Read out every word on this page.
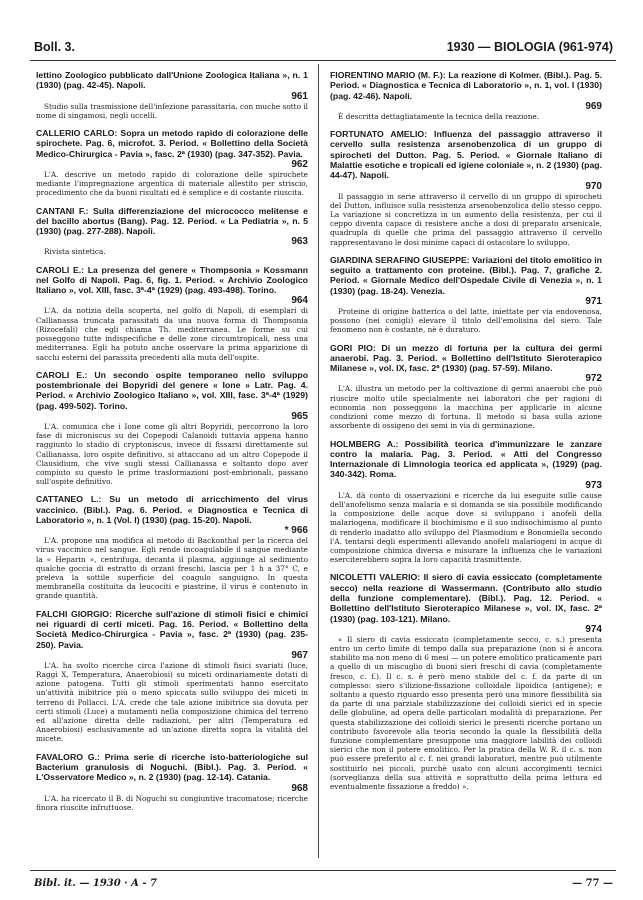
Boll. 3.	1930 — BIOLOGIA (961-974)
lettino Zoologico pubblicato dall'Unione Zoologica Italiana », n. 1 (1930) (pag. 42-45). Napoli.
961
Studio sulla trasmissione dell'infezione parassitaria, con muche sotto il nome di singamosi, negli uccelli.
CALLERIO CARLO: Sopra un metodo rapido di colorazione delle spirochete. Pag. 6, microfot. 3. Period. « Bollettino della Società Medico-Chirurgica - Pavia », fasc. 2ª (1930) (pag. 347-352). Pavia.
962
L'A. descrive un metodo rapido di colorazione delle spirochete mediante l'impregnazione argentica di materiale allestito per striscio, procedimento che da buoni risultati ed è semplice e di costante riuscita.
CANTANI F.: Sulla differenziazione del micrococco melitense e del bacillo abortus (Bang). Pag. 12. Period. « La Pediatria », n. 5 (1930) (pag. 277-288). Napoli.
963
Rivista sintetica.
CAROLI E.: La presenza del genere « Thompsonia » Kossmann nel Golfo di Napoli. Pag. 6, fig. 1. Period. « Archivio Zoologico Italiano », vol. XIII, fasc. 3ª-4ª (1929) (pag. 493-498). Torino.
964
L'A. da notizia della scoperta, nel golfo di Napoli, di esemplari di Callianassa truncata parassitati da una nuova forma di Thompsonia (Rizocefali) che egli chiama Th. mediterranea. Le forme su cui posseggono tutte indispecifiche e delle zone circumtropicali, ness una mediterranea. Egli ha potuto anche osservare la prima apparizione di sacchi esterni del parassita precedenti alla muta dell'ospite.
CAROLI E.: Un secondo ospite temporaneo nello sviluppo postembrionale dei Bopyridi del genere « Ione » Latr. Pag. 4. Period. « Archivio Zoologico Italiano », vol. XIII, fasc. 3ª-4ª (1929) (pag. 499-502). Torino.
965
L'A. comunica che i Ione come gli altri Bopyridi, percorrono la loro fase di microniscus su dei Copepodi Calanoidi tuttavia appena hanno raggiunto lo stadio di cryptoniscus, invece di fissarsi direttamente sul Callianassa, loro ospite definitivo, si attaccano ad un altro Copepode il Clausidium, che vive sugli stessi Callianassa e soltanto dopo aver compiuto su questo le prime trasformazioni post-embrionali, passano sull'ospite definitivo.
CATTANEO L.: Su un metodo di arricchimento del virus vaccinico. (Bibl.). Pag. 6. Period. « Diagnostica e Tecnica di Laboratorio », n. 1 (Vol. I) (1930) (pag. 15-20). Napoli.
* 966
L'A. propone una modifica al metodo di Backonthal per la ricerca del virus vaccinico nel sangue. Egli rende incoagulabile il sangue mediante la « Heparin », centrifuga, decanta il plasma, aggiunge al sedimento qualche goccia di estratto di orzani freschi, lascia per 1 h a 37° C, e preleva la sottile superficie del coagulo sanguigno. In questa membranella costituita da leucociti e piastrine, il virus è contenuto in grande quantità.
FALCHI GIORGIO: Ricerche sull'azione di stimoli fisici e chimici nei riguardi di certi miceti. Pag. 16. Period. « Bollettino della Società Medico-Chirurgica - Pavia », fasc. 2ª (1930) (pag. 235-250). Pavia.
967
L'A. ha svolto ricerche circa l'azione di stimoli fisici svariati (luce, Raggi X, Temperatura, Anaerobiosi) su miceti ordinariamente dotati di azione patogena. Tutti gli stimoli sperimentati hanno esercitato un'attività inibitrice più o meno spiccata sullo sviluppo dei miceti in terreno di Pollacci. L'A. crede che tale azione inibitrice sia dovuta per certi stimoli (Luce) a mutamenti nella composizione chimica del terreno ed all'azione diretta delle radiazioni, per altri (Temperatura ed Anaerobiosi) esclusivamente ad un'azione diretta sopra la vitalità del micete.
FAVALORO G.: Prima serie di ricerche isto-batteriologiche sul Bacterium granulosis di Noguchi. (Bibl.). Pag. 3. Period. « L'Osservatore Medico », n. 2 (1930) (pag. 12-14). Catania.
968
L'A. ha ricercato il B. di Noguchi su congiuntive tracomatose; ricerche finora riuscite infruttuose.
FIORENTINO MARIO (M. F.): La reazione di Kolmer. (Bibl.). Pag. 5. Period. « Diagnostica e Tecnica di Laboratorio », n. 1, vol. I (1930) (pag. 42-46). Napoli.
969
È descritta dettagliatamente la tecnica della reazione.
FORTUNATO AMELIO: Influenza del passaggio attraverso il cervello sulla resistenza arsenobenzolica di un gruppo di spirocheti del Dutton. Pag. 5. Period. « Giornale Italiano di Malattie esotiche e tropicali ed igiene coloniale », n. 2 (1930) (pag. 44-47). Napoli.
970
Il passaggio in serie attraverso il cervello di un gruppo di spirocheti del Dutton, influisce sulla resistenza arsenobenzolica dello stesso ceppo. La variazione si concretizza in un aumento della resistenza, per cui il ceppo diventa capace di resistere anche a dosi di preparato arsenicale, quadrupla di quelle che prima del passaggio attraverso il cervello rappresentavano le dosi minime capaci di ostacolare lo sviluppo.
GIARDINA SERAFINO GIUSEPPE: Variazioni del titolo emolitico in seguito a trattamento con proteine. (Bibl.). Pag. 7, grafiche 2. Period. « Giornale Medico dell'Ospedale Civile di Venezia », n. 1 (1930) (pag. 18-24). Venezia.
971
Proteine di origine batterica o del latte, iniettate per via endovenosa, possono (nei conigli) elevare il titolo dell'emolisina del siero. Tale fenomeno non è costante, nè è duraturo.
GORI PIO: Di un mezzo di fortuna per la cultura dei germi anaerobi. Pag. 3. Period. « Bollettino dell'Istituto Sieroterapico Milanese », vol. IX, fasc. 2ª (1930) (pag. 57-59). Milano.
972
L'A. illustra un metodo per la coltivazione di germi anaerobi che può riuscire molto utile specialmente nei laboratori che per ragioni di economia non posseggono la macchina per applicarle in alcune condizioni come mezzo di fortuna. Il metodo si basa sulla azione assorbente di ossigeno dei semi in via di germinazione.
HOLMBERG A.: Possibilità teorica d'immunizzare le zanzare contro la malaria. Pag. 3. Period. « Atti del Congresso Internazionale di Limnologia teorica ed applicata », (1929) (pag. 340-342). Roma.
973
L'A. dà conto di osservazioni e ricerche da lui eseguite sulle cause dell'anofelismo senza malaria e si domanda se sia possibile modificando la composizione delle acque dove si sviluppano i anofeli della malariogena, modificare il biochimismo e il suo indisochimismo al punto di renderlo inadatto allo sviluppo del Plasmodium e Bonomiella secondo l'A. tentarsi degli esperimenti allevando anofeli malariogeni in acque di composizione chimica diversa e misurare la influenza che le variazioni eserciterebbero sopra la loro capacità trasmittente.
NICOLETTI VALERIO: Il siero di cavia essiccato (completamente secco) nella reazione di Wassermann. (Contributo allo studio della funzione complementare). (Bibl.). Pag. 12. Period. « Bollettino dell'Istituto Sieroterapico Milanese », vol. IX, fasc. 2ª (1930) (pag. 103-121). Milano.
974
« Il siero di cavia essiccato (completamente secco, c. s.) presenta entro un certo limite di tempo dalla sua preparazione (non si è ancora stabilito ma non meno di 6 mesi — un potere emolitico praticamente pari a quello di un miscuglio di buoni sieri freschi di cavia (completamente fresco, c. f.). Il c. s. è però meno stabile del c. f. da parte di un complesso: siero s'ilizione-fissazione colloidale lipoidica (antigene); e soltanto a questo riguardo esso presenta però una minore flessibilità sia da parte di una parziale stabilizzazione dei colloidi sierici ed in specie delle globuline, ad opera delle particolari modalità di preparazione. Per questa stabilizzazione dei colloidi sierici le presenti ricerche portano un contributo favorevole alla teoria secondo la quale la flessibilità della funzione complementare presuppone una maggiore labilità dei colloidi sierici che non il potere emolitico. Per la pratica della W. R. il c. s. non può essere preferito al c. f. nei grandi laboratori, mentre può utilmente sostituirlo nei piccoli, purchè usato con alcuni accorgimenti tecnici (sorveglianza della sua attività e soprattutto della prima lettura ed eventualmente fissazione a freddo) ».
Bibl. it. — 1930 · A - 7	— 77 —
